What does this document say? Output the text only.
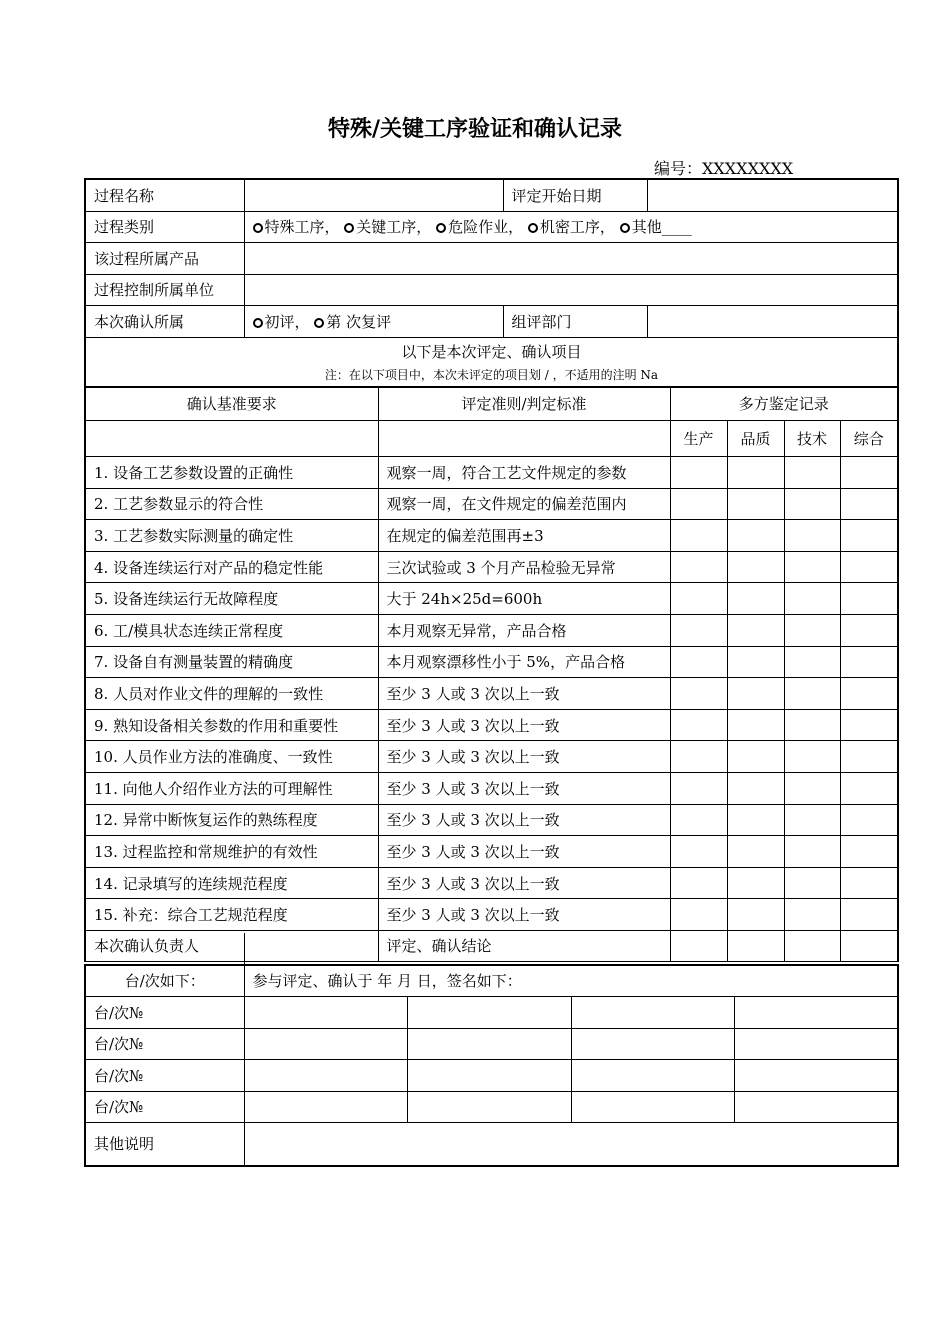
特殊/关键工序验证和确认记录
编号：XXXXXXXX
过程名称		评定开始日期	
过程类别	特殊工序， 关键工序， 危险作业， 机密工序， 其他____		
该过程所属产品			
过程控制所属单位			
本次确认所属	初评， 第 次复评	组评部门	

以下是本次评定、确认项目
注：在以下项目中，本次未评定的项目划 / ，不适用的注明 Na			
确认基准要求	评定准则/判定标准	多方鉴定记录			
		生产	品质	技术	综合
1. 设备工艺参数设置的正确性	观察一周，符合工艺文件规定的参数				
2. 工艺参数显示的符合性	观察一周，在文件规定的偏差范围内				
3. 工艺参数实际测量的确定性	在规定的偏差范围再±3				
4. 设备连续运行对产品的稳定性能	三次试验或 3 个月产品检验无异常				
5. 设备连续运行无故障程度	大于 24h×25d=600h				
6. 工/模具状态连续正常程度	本月观察无异常，产品合格				
7. 设备自有测量装置的精确度	本月观察漂移性小于 5%，产品合格				
8. 人员对作业文件的理解的一致性	至少 3 人或 3 次以上一致				
9. 熟知设备相关参数的作用和重要性	至少 3 人或 3 次以上一致				
10. 人员作业方法的准确度、一致性	至少 3 人或 3 次以上一致				
11. 向他人介绍作业方法的可理解性	至少 3 人或 3 次以上一致				
12. 异常中断恢复运作的熟练程度	至少 3 人或 3 次以上一致				
13. 过程监控和常规维护的有效性	至少 3 人或 3 次以上一致				
14. 记录填写的连续规范程度	至少 3 人或 3 次以上一致				
15. 补充：综合工艺规范程度	至少 3 人或 3 次以上一致				

本次确认负责人	评定、确认结论				
台/次如下：	参与评定、确认于 年 月 日，签名如下：			
台/次№				
台/次№				
台/次№				
台/次№				
其他说明				
